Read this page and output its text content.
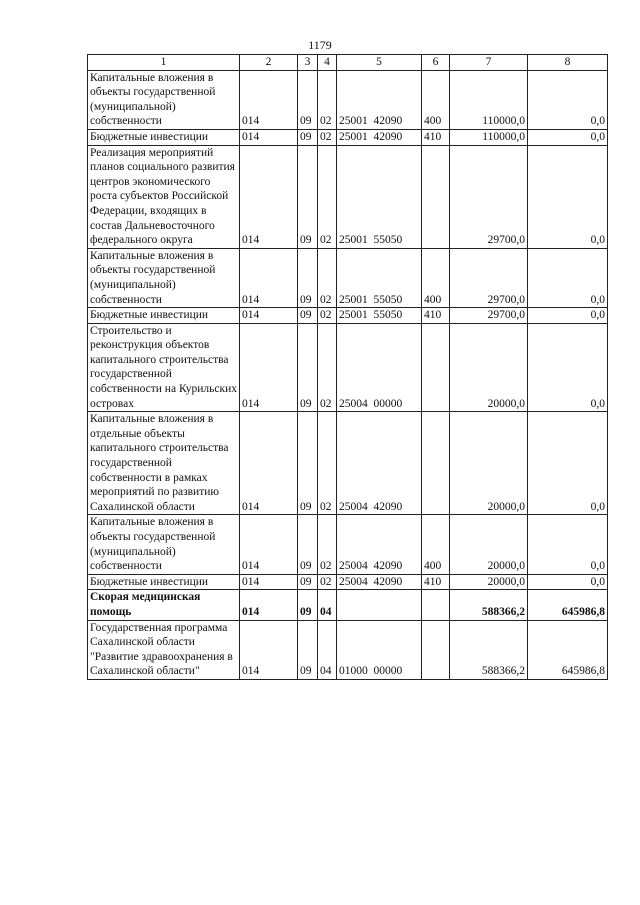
1179
1	2	3	4	5	6	7	8
Капитальные вложения в объекты государственной (муниципальной) собственности	014	09	02	25001  42090	400	110000,0	0,0
Бюджетные инвестиции	014	09	02	25001  42090	410	110000,0	0,0
Реализация мероприятий планов социального развития центров экономического роста субъектов Российской Федерации, входящих в состав Дальневосточного федерального округа	014	09	02	25001  55050		29700,0	0,0
Капитальные вложения в объекты государственной (муниципальной) собственности	014	09	02	25001  55050	400	29700,0	0,0
Бюджетные инвестиции	014	09	02	25001  55050	410	29700,0	0,0
Строительство и реконструкция объектов капитального строительства государственной собственности на Курильских островах	014	09	02	25004  00000		20000,0	0,0
Капитальные вложения в отдельные объекты капитального строительства государственной собственности в рамках мероприятий по развитию Сахалинской области	014	09	02	25004  42090		20000,0	0,0
Капитальные вложения в объекты государственной (муниципальной) собственности	014	09	02	25004  42090	400	20000,0	0,0
Бюджетные инвестиции	014	09	02	25004  42090	410	20000,0	0,0
Скорая медицинская помощь	014	09	04			588366,2	645986,8
Государственная программа Сахалинской области "Развитие здравоохранения в Сахалинской области"	014	09	04	01000  00000		588366,2	645986,8
